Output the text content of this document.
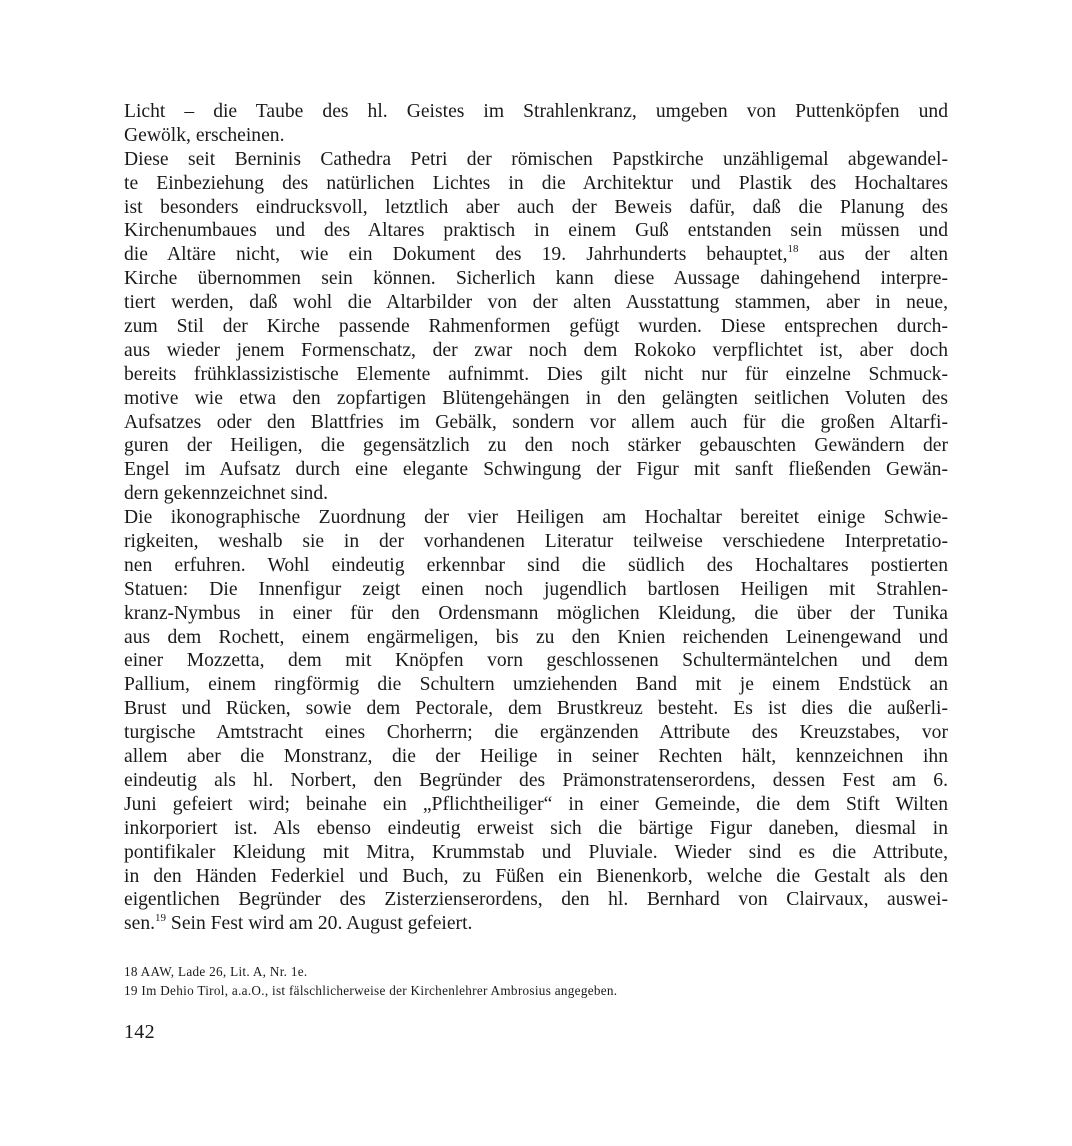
Licht – die Taube des hl. Geistes im Strahlenkranz, umgeben von Puttenköpfen und
Gewölk, erscheinen.
Diese seit Berninis Cathedra Petri der römischen Papstkirche unzähligemal abgewandel-
te Einbeziehung des natürlichen Lichtes in die Architektur und Plastik des Hochaltares
ist besonders eindrucksvoll, letztlich aber auch der Beweis dafür, daß die Planung des
Kirchenumbaues und des Altares praktisch in einem Guß entstanden sein müssen und
die Altäre nicht, wie ein Dokument des 19. Jahrhunderts behauptet,$^{18}$ aus der alten
Kirche übernommen sein können. Sicherlich kann diese Aussage dahingehend interpre-
tiert werden, daß wohl die Altarbilder von der alten Ausstattung stammen, aber in neue,
zum Stil der Kirche passende Rahmenformen gefügt wurden. Diese entsprechen durch-
aus wieder jenem Formenschatz, der zwar noch dem Rokoko verpflichtet ist, aber doch
bereits frühklassizistische Elemente aufnimmt. Dies gilt nicht nur für einzelne Schmuck-
motive wie etwa den zopfartigen Blütengehängen in den gelängten seitlichen Voluten des
Aufsatzes oder den Blattfries im Gebälk, sondern vor allem auch für die großen Altarfi-
guren der Heiligen, die gegensätzlich zu den noch stärker gebauschten Gewändern der
Engel im Aufsatz durch eine elegante Schwingung der Figur mit sanft fließenden Gewän-
dern gekennzeichnet sind.
Die ikonographische Zuordnung der vier Heiligen am Hochaltar bereitet einige Schwie-
rigkeiten, weshalb sie in der vorhandenen Literatur teilweise verschiedene Interpretatio-
nen erfuhren. Wohl eindeutig erkennbar sind die südlich des Hochaltares postierten
Statuen: Die Innenfigur zeigt einen noch jugendlich bartlosen Heiligen mit Strahlen-
kranz-Nymbus in einer für den Ordensmann möglichen Kleidung, die über der Tunika
aus dem Rochett, einem engärmeligen, bis zu den Knien reichenden Leinengewand und
einer Mozzetta, dem mit Knöpfen vorn geschlossenen Schultermäntelchen und dem
Pallium, einem ringförmig die Schultern umziehenden Band mit je einem Endstück an
Brust und Rücken, sowie dem Pectorale, dem Brustkreuz besteht. Es ist dies die außerli-
turgische Amtstracht eines Chorherrn; die ergänzenden Attribute des Kreuzstabes, vor
allem aber die Monstranz, die der Heilige in seiner Rechten hält, kennzeichnen ihn
eindeutig als hl. Norbert, den Begründer des Prämonstratenserordens, dessen Fest am 6.
Juni gefeiert wird; beinahe ein „Pflichtheiliger“ in einer Gemeinde, die dem Stift Wilten
inkorporiert ist. Als ebenso eindeutig erweist sich die bärtige Figur daneben, diesmal in
pontifikaler Kleidung mit Mitra, Krummstab und Pluviale. Wieder sind es die Attribute,
in den Händen Federkiel und Buch, zu Füßen ein Bienenkorb, welche die Gestalt als den
eigentlichen Begründer des Zisterzienserordens, den hl. Bernhard von Clairvaux, auswei-
sen.$^{19}$ Sein Fest wird am 20. August gefeiert.
18 AAW, Lade 26, Lit. A, Nr. 1e.
19 Im Dehio Tirol, a.a.O., ist fälschlicherweise der Kirchenlehrer Ambrosius angegeben.
142
